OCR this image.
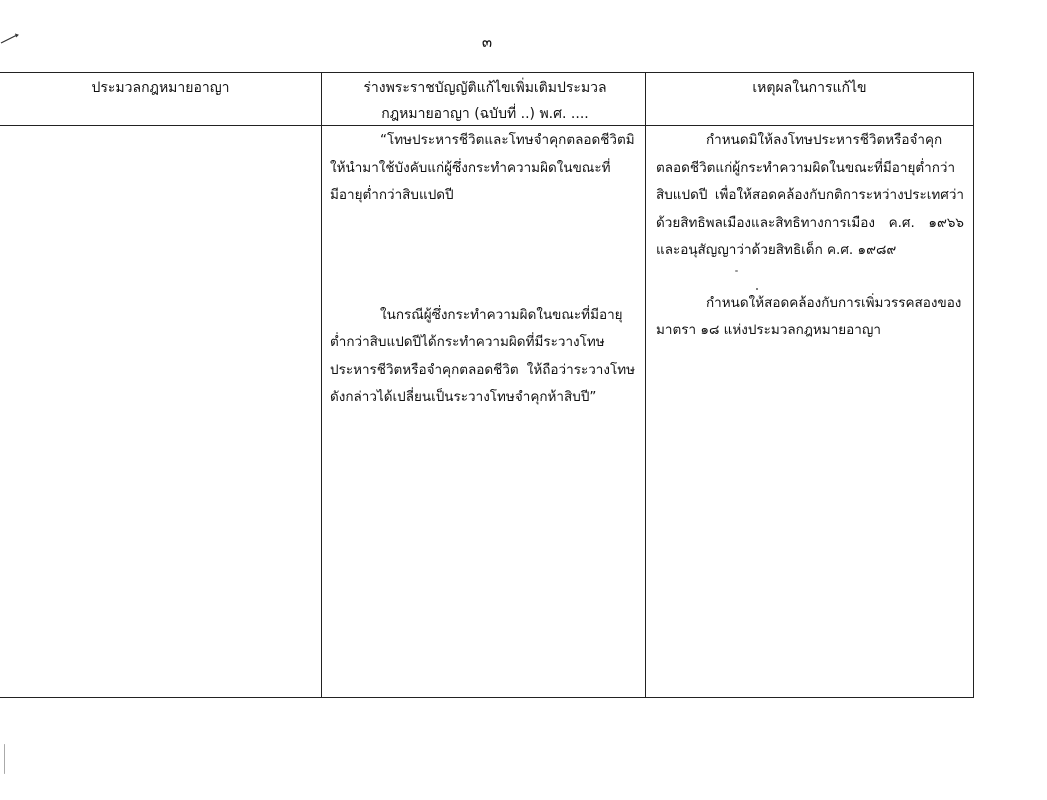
๓
ประมวลกฎหมายอาญา	ร่างพระราชบัญญัติแก้ไขเพิ่มเติมประมวลกฎหมายอาญา (ฉบับที่ ..) พ.ศ. ....
เหตุผลในการแก้ไข

“โทษประหารชีวิตและโทษจำคุกตลอดชีวิตมิให้นำมาใช้บังคับแก่ผู้ซึ่งกระทำความผิดในขณะที่มีอายุต่ำกว่าสิบแปดปี

ในกรณีผู้ซึ่งกระทำความผิดในขณะที่มีอายุต่ำกว่าสิบแปดปีได้กระทำความผิดที่มีระวางโทษประหารชีวิตหรือจำคุกตลอดชีวิต ให้ถือว่าระวางโทษดังกล่าวได้เปลี่ยนเป็นระวางโทษจำคุกห้าสิบปี”

กำหนดมิให้ลงโทษประหารชีวิตหรือจำคุกตลอดชีวิตแก่ผู้กระทำความผิดในขณะที่มีอายุต่ำกว่าสิบแปดปี เพื่อให้สอดคล้องกับกติการะหว่างประเทศว่าด้วยสิทธิพลเมืองและสิทธิทางการเมือง ค.ศ. ๑๙๖๖ และอนุสัญญาว่าด้วยสิทธิเด็ก ค.ศ. ๑๙๘๙

กำหนดให้สอดคล้องกับการเพิ่มวรรคสองของมาตรา ๑๘ แห่งประมวลกฎหมายอาญา
